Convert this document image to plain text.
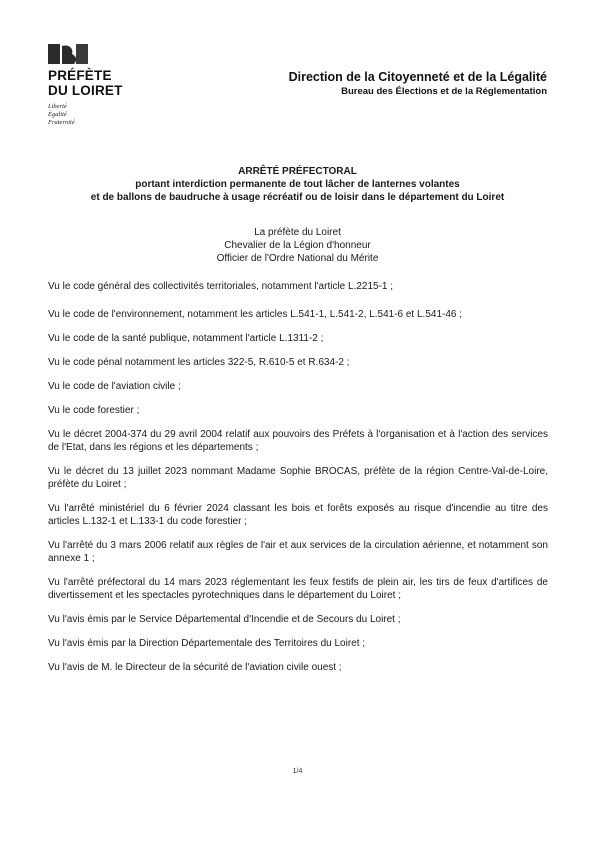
PRÉFÈTE
DU LOIRET
Liberté
Égalité
Fraternité
Direction de la Citoyenneté et de la Légalité
Bureau des Élections et de la Réglementation
ARRÊTÉ PRÉFECTORAL
portant interdiction permanente de tout lâcher de lanternes volantes
et de ballons de baudruche à usage récréatif ou de loisir dans le département du Loiret
La préfète du Loiret
Chevalier de la Légion d'honneur
Officier de l'Ordre National du Mérite

Vu le code général des collectivités territoriales, notamment l'article L.2215-1 ;

Vu le code de l'environnement, notamment les articles L.541-1, L.541-2, L.541-6 et L.541-46 ;

Vu le code de la santé publique, notamment l'article L.1311-2 ;

Vu le code pénal notamment les articles 322-5, R.610-5 et R.634-2 ;

Vu le code de l'aviation civile ;

Vu le code forestier ;

Vu le décret 2004-374 du 29 avril 2004 relatif aux pouvoirs des Préfets à l'organisation et à l'action des services de l'Etat, dans les régions et les départements ;

Vu le décret du 13 juillet 2023 nommant Madame Sophie BROCAS, préfète de la région Centre-Val-de-Loire, préfète du Loiret ;

Vu l'arrêté ministériel du 6 février 2024 classant les bois et forêts exposés au risque d'incendie au titre des articles L.132-1 et L.133-1 du code forestier ;

Vu l'arrêté du 3 mars 2006 relatif aux règles de l'air et aux services de la circulation aérienne, et notamment son annexe 1 ;

Vu l'arrêté préfectoral du 14 mars 2023 réglementant les feux festifs de plein air, les tirs de feux d'artifices de divertissement et les spectacles pyrotechniques dans le département du Loiret ;

Vu l'avis émis par le Service Départemental d'Incendie et de Secours du Loiret ;

Vu l'avis émis par la Direction Départementale des Territoires du Loiret ;

Vu l'avis de M. le Directeur de la sécurité de l'aviation civile ouest ;

1/4
